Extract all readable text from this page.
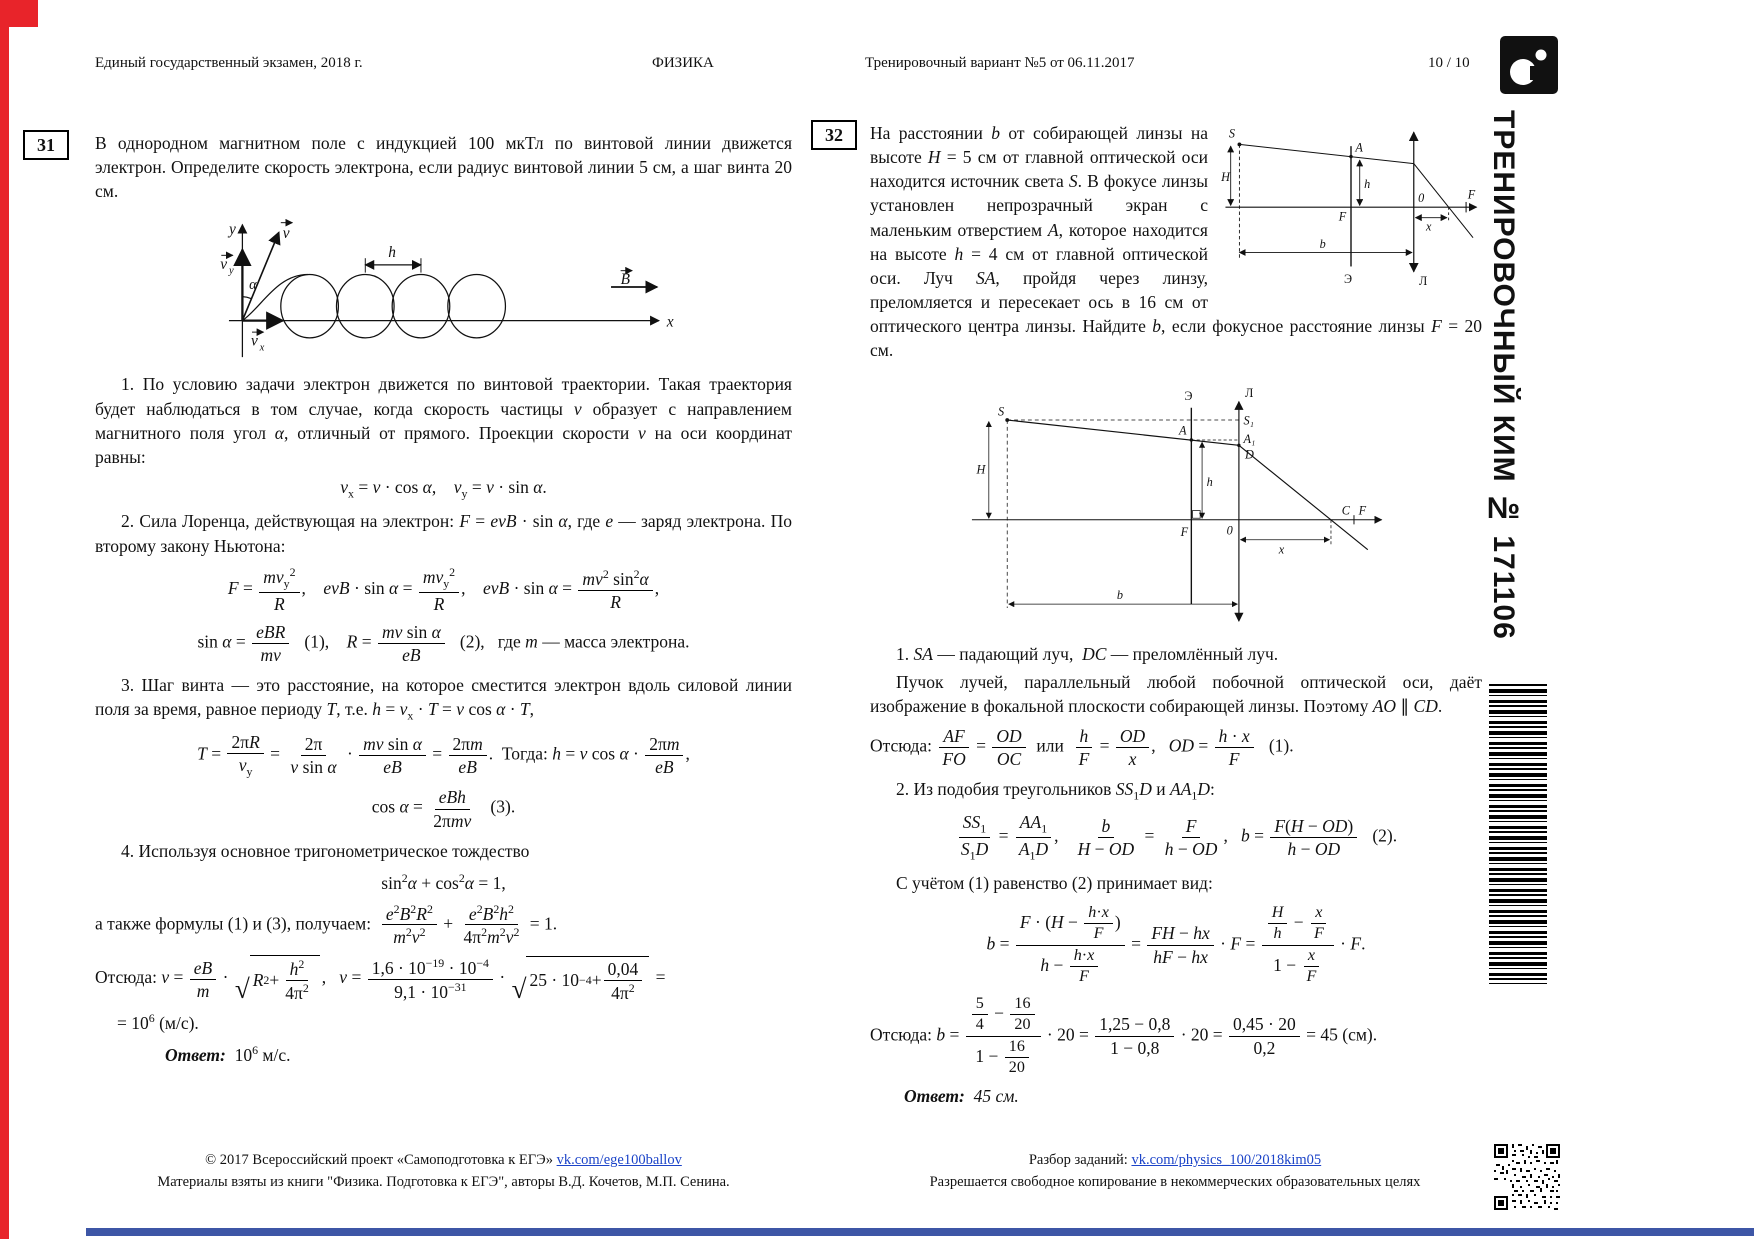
Единый государственный экзамен, 2018 г.	ФИЗИКА	Тренировочный вариант №5 от 06.11.2017	10 / 10
31	32

В однородном магнитном поле с индукцией 100 мкТл по винтовой линии движется электрон. Определите скорость электрона, если радиус винтовой линии 5 см, а шаг винта 20 см.

y
x
v
v y
v x
α
h
B

1. По условию задачи электрон движется по винтовой траектории. Такая траектория будет наблюдаться в том случае, когда скорость частицы v образует с направлением магнитного поля угол α, отличный от прямого. Проекции скорости v на оси координат равны:

$v_x = v \cdot \cos \alpha$,    $v_y = v \cdot \sin \alpha$.

2. Сила Лоренца, действующая на электрон: F = evB · sin α, где e — заряд электрона. По второму закону Ньютона:

$F = \frac{mv_y^2}{R}$ ,    evB · $\sin \alpha = \frac{mv_y^2}{R}$ ,    evB · $\sin \alpha = \frac{mv^2 \sin^2\alpha}{R}$ ,
$\sin \alpha = \frac{\text{eBR}}{mv} (1)$,    $R = \frac{\text{mv sin α}}{eB} (2)$,   где m — масса электрона.

3. Шаг винта — это расстояние, на которое сместится электрон вдоль силовой линии поля за время, равное периоду T, т.е. $h = v_x \cdot T = v$ cos α · T,

$T = \frac{2\pi R}{v_y} = \frac{2\pi}{\text{v sin α}} \cdot \frac{\text{mv sin α}}{eB} = \frac{2\pi m}{eB}$ .  Тогда: h = v $\cos \alpha \cdot \frac{2\pi m}{eB}$ ,
$\cos \alpha = \frac{\text{eBh}}{\text{2πmv}} (3)$.

4. Используя основное тригонометрическое тождество

$\sin^2\alpha + \cos^2\alpha = 1$,
а также формулы (1) и (3), получаем: $\frac{e^2B^2R^2}{m^2v^2} + \frac{e^2B^2h^2}{4\pi^2m^2v^2} = 1$.
Отсюда: $v = \frac{eB}{m}$ · √ R $2 + \frac{h^2}{4\pi^2}$ ,   $v = \frac{1,6 \cdot 10^{-19} \cdot 10^{-4}}{9,1 \cdot 10^{-31}}$ · √ $25 \cdot 10 -4 + \frac{0,04}{4\pi^2}$ =
= $10^6$ (м/с).
Ответ:  $10^6$ м/с.
S
A
H	h
F
0
x
F
b
Э	Л

На расстоянии b от собирающей линзы на высоте H = 5 см от главной оптической оси находится источник света S. В фокусе линзы установлен непрозрачный экран с маленьким отверстием A, которое находится на высоте h = 4 см от главной оптической оси. Луч SA, пройдя через линзу, преломляется и пересекает ось в 16 см от оптического центра линзы. Найдите b, если фокусное расстояние линзы F = 20 см.

S
S₁
A
A₁
D
H
h
F 0
x
C F
b
Э	Л

1. SA — падающий луч,  DC — преломлённый луч.

Пучок лучей, параллельный любой побочной оптической оси, даёт изображение в фокальной плоскости собирающей линзы. Поэтому AO ∥ CD.

Отсюда: $\frac{AF}{FO} = \frac{OD}{OC}$ или $\frac{h}{F} = \frac{OD}{x}$ ,   OD = $\frac{h \cdot x}{F} (1)$.

2. Из подобия треугольников $SS_1D$ и $AA_1D$:

$\frac{SS_1}{S_1D} = \frac{AA_1}{A_1D}$ , $\frac{b}{H - OD} = \frac{F}{h - OD}$ ,   $b = \frac{F(H - OD)}{h - OD} (2)$.

С учётом (1) равенство (2) принимает вид:

$b = \frac{F \cdot (H - \frac{h\cdot x}{F} )}{h - \frac{h\cdot x}{F}} = \frac{FH - hx}{hF - hx} \cdot F = \frac{\frac{H}{h} - \frac{x}{F}}{1 - \frac{x}{F}} \cdot F$.
Отсюда: $b = \frac{\frac{5}{4} - \frac{16}{20}}{1 - \frac{16}{20}} \cdot 20 = \frac{1,25 - 0,8}{1 - 0,8} \cdot 20 = \frac{0,45 \cdot 20}{0,2} = 45$ (см).
Ответ:  45 см.
ТРЕНИРОВОЧНЫЙ КИМ № 171106
© 2017 Всероссийский проект «Самоподготовка к ЕГЭ» vk.com/ege100ballov
Материалы взяты из книги "Физика. Подготовка к ЕГЭ", авторы В.Д. Кочетов, М.П. Сенина.
Разбор заданий: vk.com/physics_100/2018kim05
Разрешается свободное копирование в некоммерческих образовательных целях
